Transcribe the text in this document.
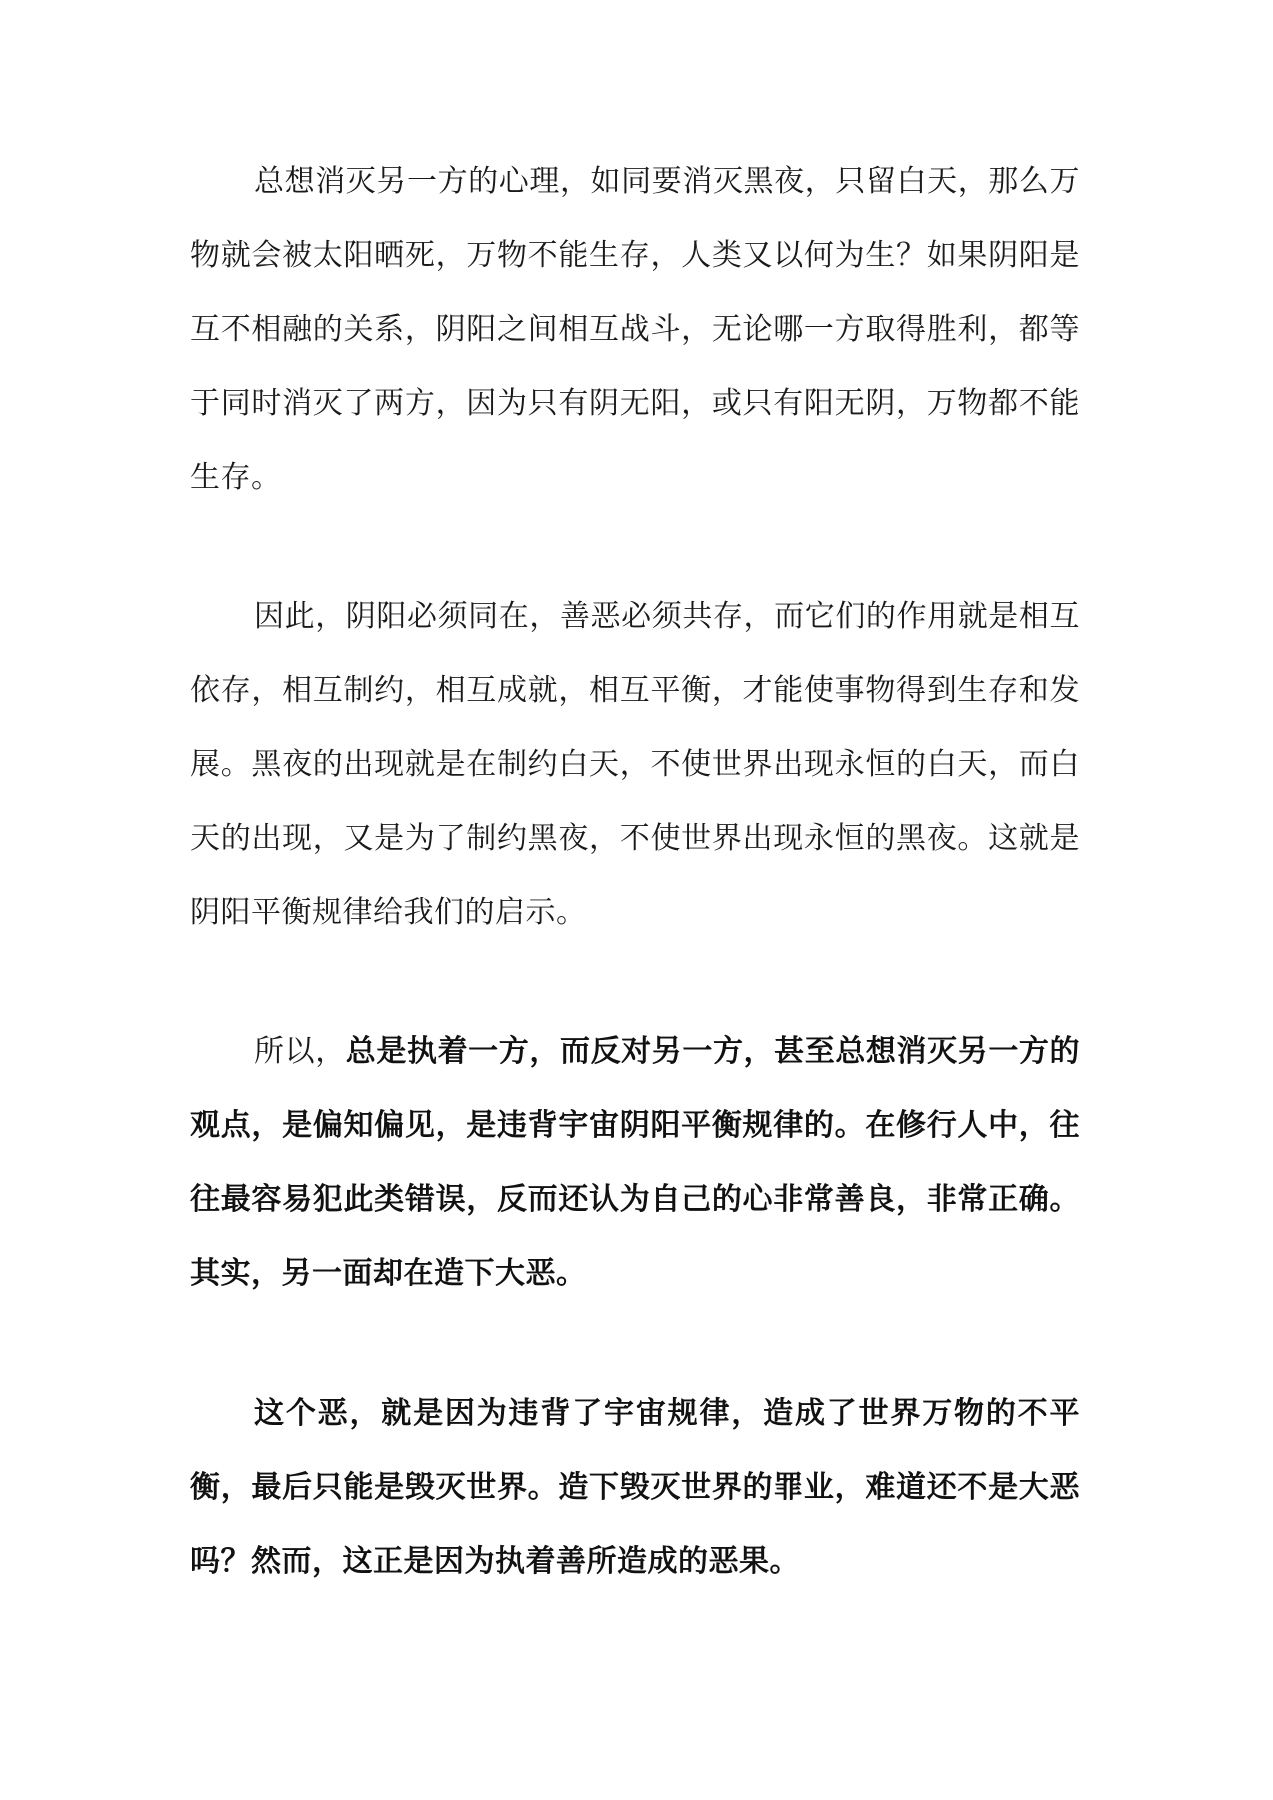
总想消灭另一方的心理，如同要消灭黑夜，只留白天，那么万物就会被太阳晒死，万物不能生存，人类又以何为生？如果阴阳是互不相融的关系，阴阳之间相互战斗，无论哪一方取得胜利，都等于同时消灭了两方，因为只有阴无阳，或只有阳无阴，万物都不能生存。

因此，阴阳必须同在，善恶必须共存，而它们的作用就是相互依存，相互制约，相互成就，相互平衡，才能使事物得到生存和发展。黑夜的出现就是在制约白天，不使世界出现永恒的白天，而白天的出现，又是为了制约黑夜，不使世界出现永恒的黑夜。这就是阴阳平衡规律给我们的启示。

所以，总是执着一方，而反对另一方，甚至总想消灭另一方的观点，是偏知偏见，是违背宇宙阴阳平衡规律的。在修行人中，往往最容易犯此类错误，反而还认为自己的心非常善良，非常正确。其实，另一面却在造下大恶。

这个恶，就是因为违背了宇宙规律，造成了世界万物的不平衡，最后只能是毁灭世界。造下毁灭世界的罪业，难道还不是大恶吗？然而，这正是因为执着善所造成的恶果。
